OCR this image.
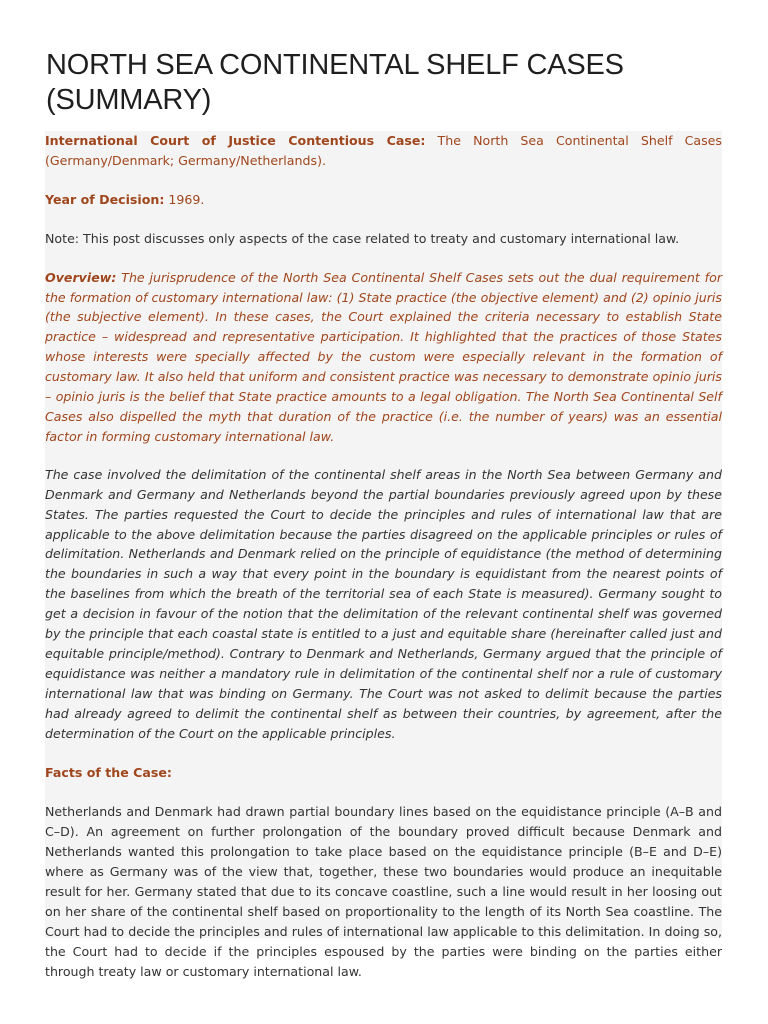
NORTH SEA CONTINENTAL SHELF CASES (SUMMARY)

International Court of Justice Contentious Case: The North Sea Continental Shelf Cases (Germany/Denmark; Germany/Netherlands).

Year of Decision: 1969.

Note: This post discusses only aspects of the case related to treaty and customary international law.

Overview: The jurisprudence of the North Sea Continental Shelf Cases sets out the dual requirement for the formation of customary international law: (1) State practice (the objective element) and (2) opinio juris (the subjective element). In these cases, the Court explained the criteria necessary to establish State practice – widespread and representative participation. It highlighted that the practices of those States whose interests were specially affected by the custom were especially relevant in the formation of customary law. It also held that uniform and consistent practice was necessary to demonstrate opinio juris – opinio juris is the belief that State practice amounts to a legal obligation. The North Sea Continental Self Cases also dispelled the myth that duration of the practice (i.e. the number of years) was an essential factor in forming customary international law.

The case involved the delimitation of the continental shelf areas in the North Sea between Germany and Denmark and Germany and Netherlands beyond the partial boundaries previously agreed upon by these States. The parties requested the Court to decide the principles and rules of international law that are applicable to the above delimitation because the parties disagreed on the applicable principles or rules of delimitation. Netherlands and Denmark relied on the principle of equidistance (the method of determining the boundaries in such a way that every point in the boundary is equidistant from the nearest points of the baselines from which the breath of the territorial sea of each State is measured). Germany sought to get a decision in favour of the notion that the delimitation of the relevant continental shelf was governed by the principle that each coastal state is entitled to a just and equitable share (hereinafter called just and equitable principle/method). Contrary to Denmark and Netherlands, Germany argued that the principle of equidistance was neither a mandatory rule in delimitation of the continental shelf nor a rule of customary international law that was binding on Germany. The Court was not asked to delimit because the parties had already agreed to delimit the continental shelf as between their countries, by agreement, after the determination of the Court on the applicable principles.

Facts of the Case:

Netherlands and Denmark had drawn partial boundary lines based on the equidistance principle (A–B and C–D). An agreement on further prolongation of the boundary proved difficult because Denmark and Netherlands wanted this prolongation to take place based on the equidistance principle (B–E and D–E) where as Germany was of the view that, together, these two boundaries would produce an inequitable result for her. Germany stated that due to its concave coastline, such a line would result in her loosing out on her share of the continental shelf based on proportionality to the length of its North Sea coastline. The Court had to decide the principles and rules of international law applicable to this delimitation. In doing so, the Court had to decide if the principles espoused by the parties were binding on the parties either through treaty law or customary international law.
